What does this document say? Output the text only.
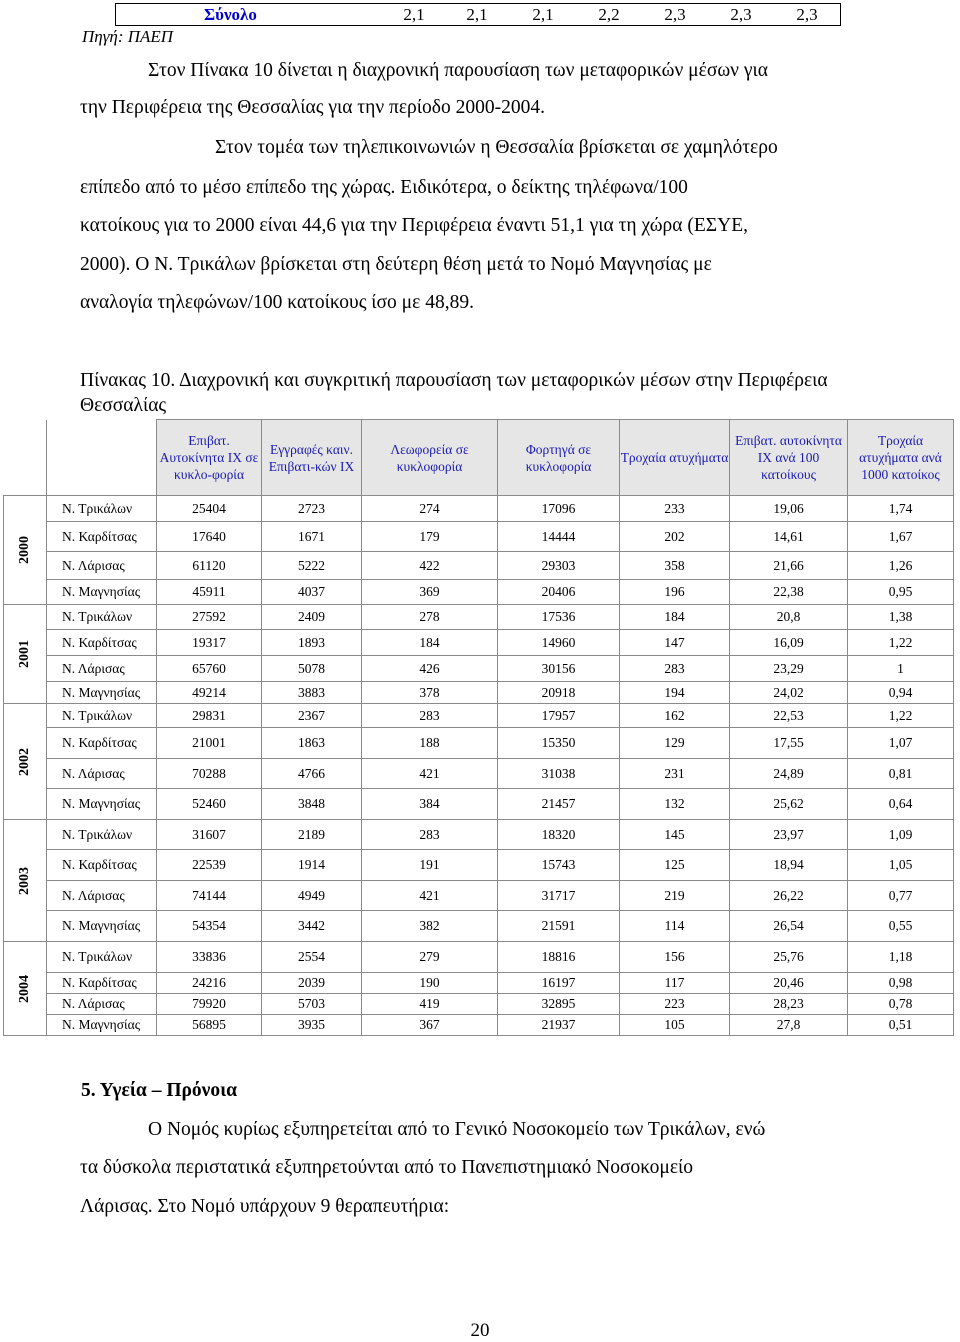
Σύνολο	2,1	2,1	2,1	2,2	2,3	2,3	2,3
Πηγή: ΠΑΕΠ
Στον Πίνακα 10 δίνεται η διαχρονική παρουσίαση των μεταφορικών μέσων για
την Περιφέρεια της Θεσσαλίας για την περίοδο 2000-2004.
Στον τομέα των τηλεπικοινωνιών η Θεσσαλία βρίσκεται σε χαμηλότερο
επίπεδο από το μέσο επίπεδο της χώρας. Ειδικότερα, ο δείκτης τηλέφωνα/100
κατοίκους για το 2000 είναι 44,6 για την Περιφέρεια έναντι 51,1 για τη χώρα (ΕΣΥΕ,
2000). Ο Ν. Τρικάλων βρίσκεται στη δεύτερη θέση μετά το Νομό Μαγνησίας με
αναλογία τηλεφώνων/100 κατοίκους ίσο με 48,89.
Πίνακας 10. Διαχρονική και συγκριτική παρουσίαση των μεταφορικών μέσων στην Περιφέρεια Θεσσαλίας
		Επιβατ. Αυτοκίνητα ΙΧ σε κυκλο-φορία	Εγγραφές καιν. Επιβατι-κών ΙΧ	Λεωφορεία σε κυκλοφορία	Φορτηγά σε κυκλοφορία	Τροχαία ατυχήματα	Επιβατ. αυτοκίνητα ΙΧ ανά 100 κατοίκους	Τροχαία ατυχήματα ανά 1000 κατοίκος
2000	Ν. Τρικάλων	25404	2723	274	17096	233	19,06	1,74
	Ν. Καρδίτσας	17640	1671	179	14444	202	14,61	1,67
	Ν. Λάρισας	61120	5222	422	29303	358	21,66	1,26
	Ν. Μαγνησίας	45911	4037	369	20406	196	22,38	0,95
2001	Ν. Τρικάλων	27592	2409	278	17536	184	20,8	1,38
	Ν. Καρδίτσας	19317	1893	184	14960	147	16,09	1,22
	Ν. Λάρισας	65760	5078	426	30156	283	23,29	1
	Ν. Μαγνησίας	49214	3883	378	20918	194	24,02	0,94
2002	Ν. Τρικάλων	29831	2367	283	17957	162	22,53	1,22
	Ν. Καρδίτσας	21001	1863	188	15350	129	17,55	1,07
	Ν. Λάρισας	70288	4766	421	31038	231	24,89	0,81
	Ν. Μαγνησίας	52460	3848	384	21457	132	25,62	0,64
2003	Ν. Τρικάλων	31607	2189	283	18320	145	23,97	1,09
	Ν. Καρδίτσας	22539	1914	191	15743	125	18,94	1,05
	Ν. Λάρισας	74144	4949	421	31717	219	26,22	0,77
	Ν. Μαγνησίας	54354	3442	382	21591	114	26,54	0,55
2004	Ν. Τρικάλων	33836	2554	279	18816	156	25,76	1,18
	Ν. Καρδίτσας	24216	2039	190	16197	117	20,46	0,98
	Ν. Λάρισας	79920	5703	419	32895	223	28,23	0,78
	Ν. Μαγνησίας	56895	3935	367	21937	105	27,8	0,51
5. Υγεία – Πρόνοια
Ο Νομός κυρίως εξυπηρετείται από το Γενικό Νοσοκομείο των Τρικάλων, ενώ
τα δύσκολα περιστατικά εξυπηρετούνται από το Πανεπιστημιακό Νοσοκομείο
Λάρισας. Στο Νομό υπάρχουν 9 θεραπευτήρια:
20
